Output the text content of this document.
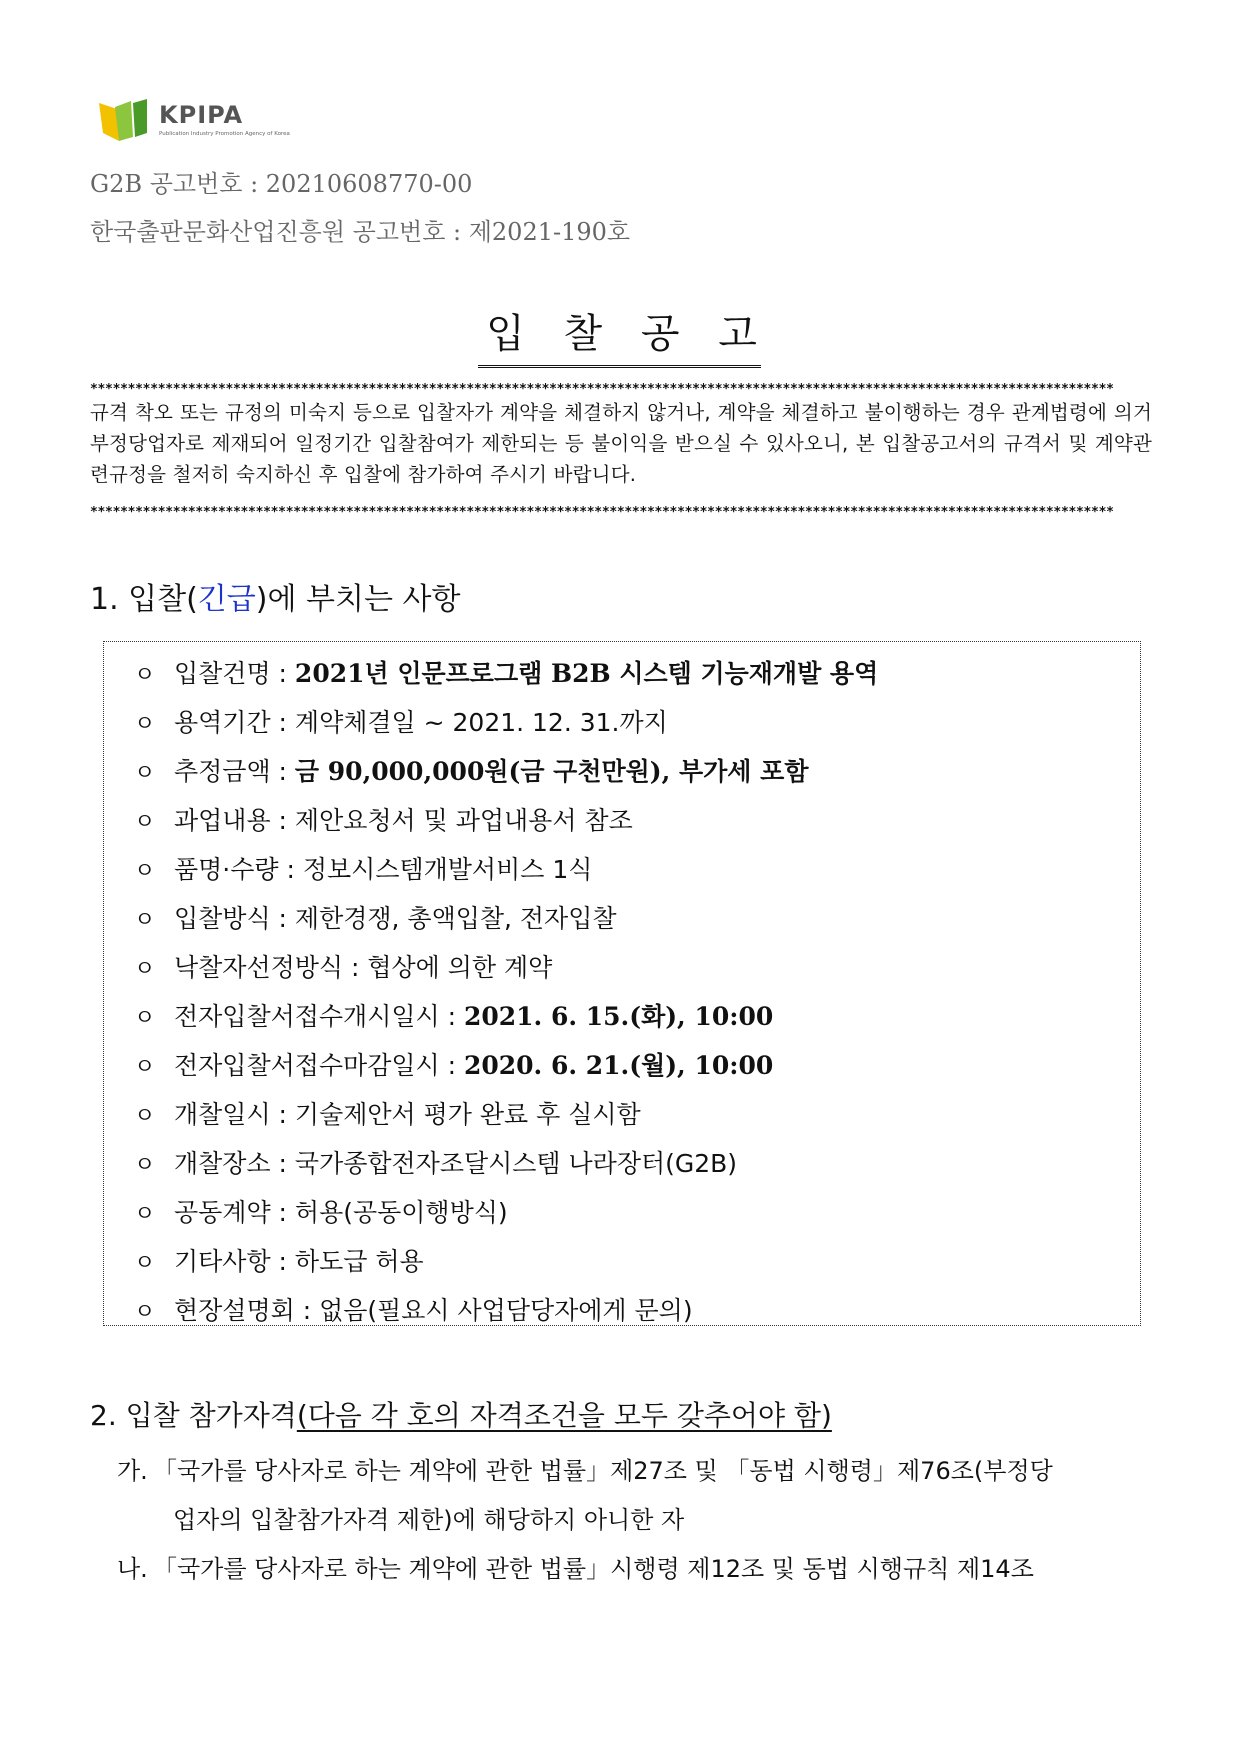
KPIPA
Publication Industry Promotion Agency of Korea
G2B 공고번호 : 20210608770-00
한국출판문화산업진흥원 공고번호 : 제2021-190호
입 찰 공 고
****************************************************************************************************************************************
규격 착오 또는 규정의 미숙지 등으로 입찰자가 계약을 체결하지 않거나, 계약을 체결하고 불이행하는 경우 관계법령에 의거 부정당업자로 제재되어 일정기간 입찰참여가 제한되는 등 불이익을 받으실 수 있사오니, 본 입찰공고서의 규격서 및 계약관련규정을 철저히 숙지하신 후 입찰에 참가하여 주시기 바랍니다.
****************************************************************************************************************************************
1. 입찰(긴급)에 부치는 사항
ㅇ 입찰건명 : 2021년 인문프로그램 B2B 시스템 기능재개발 용역
ㅇ 용역기간 : 계약체결일 ~ 2021. 12. 31.까지
ㅇ 추정금액 : 금 90,000,000원(금 구천만원), 부가세 포함
ㅇ 과업내용 : 제안요청서 및 과업내용서 참조
ㅇ 품명·수량 : 정보시스템개발서비스 1식
ㅇ 입찰방식 : 제한경쟁, 총액입찰, 전자입찰
ㅇ 낙찰자선정방식 : 협상에 의한 계약
ㅇ 전자입찰서접수개시일시 : 2021. 6. 15.(화), 10:00
ㅇ 전자입찰서접수마감일시 : 2020. 6. 21.(월), 10:00
ㅇ 개찰일시 : 기술제안서 평가 완료 후 실시함
ㅇ 개찰장소 : 국가종합전자조달시스템 나라장터(G2B)
ㅇ 공동계약 : 허용(공동이행방식)
ㅇ 기타사항 : 하도급 허용
ㅇ 현장설명회 : 없음(필요시 사업담당자에게 문의)
2. 입찰 참가자격(다음 각 호의 자격조건을 모두 갖추어야 함)
가. 「국가를 당사자로 하는 계약에 관한 법률」제27조 및 「동법 시행령」제76조(부정당
업자의 입찰참가자격 제한)에 해당하지 아니한 자
나. 「국가를 당사자로 하는 계약에 관한 법률」시행령 제12조 및 동법 시행규칙 제14조
